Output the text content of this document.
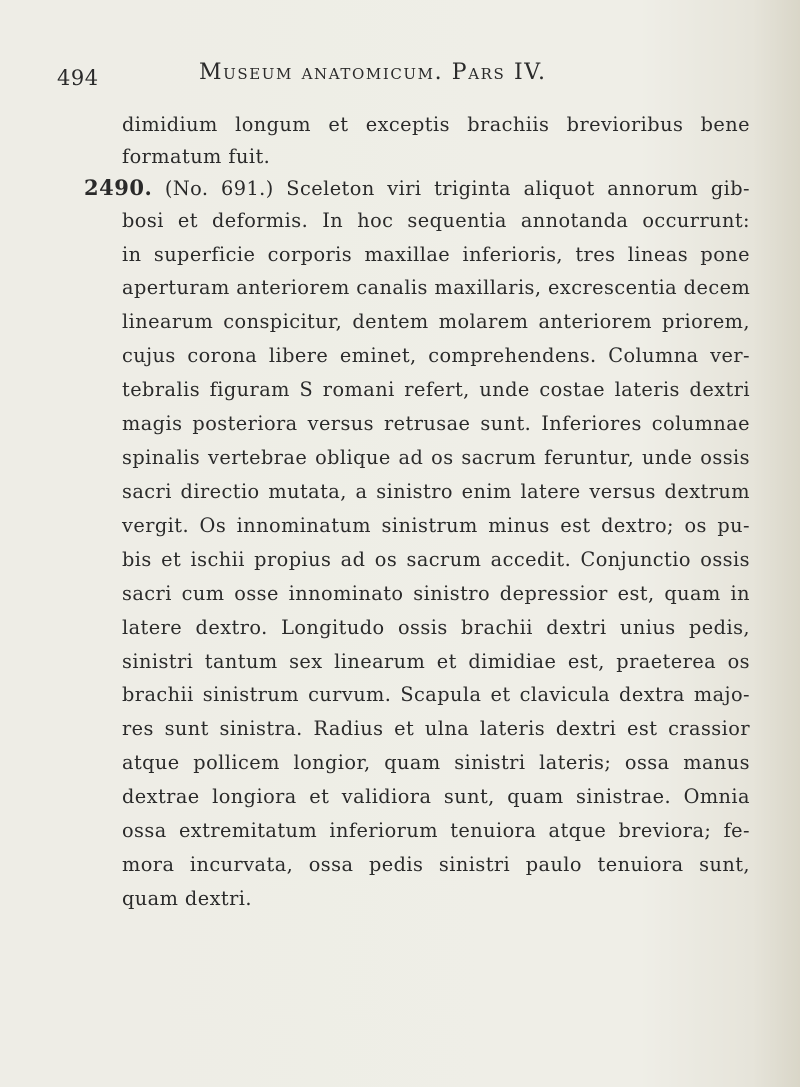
494	Museum anatomicum. Pars IV.
dimidium longum et exceptis brachiis brevioribus bene
formatum fuit.
2490. (No. 691.) Sceleton viri triginta aliquot annorum gib-
bosi et deformis. In hoc sequentia annotanda occurrunt:
in superficie corporis maxillae inferioris, tres lineas pone
aperturam anteriorem canalis maxillaris, excrescentia decem
linearum conspicitur, dentem molarem anteriorem priorem,
cujus corona libere eminet, comprehendens. Columna ver-
tebralis figuram S romani refert, unde costae lateris dextri
magis posteriora versus retrusae sunt. Inferiores columnae
spinalis vertebrae oblique ad os sacrum feruntur, unde ossis
sacri directio mutata, a sinistro enim latere versus dextrum
vergit. Os innominatum sinistrum minus est dextro; os pu-
bis et ischii propius ad os sacrum accedit. Conjunctio ossis
sacri cum osse innominato sinistro depressior est, quam in
latere dextro. Longitudo ossis brachii dextri unius pedis,
sinistri tantum sex linearum et dimidiae est, praeterea os
brachii sinistrum curvum. Scapula et clavicula dextra majo-
res sunt sinistra. Radius et ulna lateris dextri est crassior
atque pollicem longior, quam sinistri lateris; ossa manus
dextrae longiora et validiora sunt, quam sinistrae. Omnia
ossa extremitatum inferiorum tenuiora atque breviora; fe-
mora incurvata, ossa pedis sinistri paulo tenuiora sunt,
quam dextri.
